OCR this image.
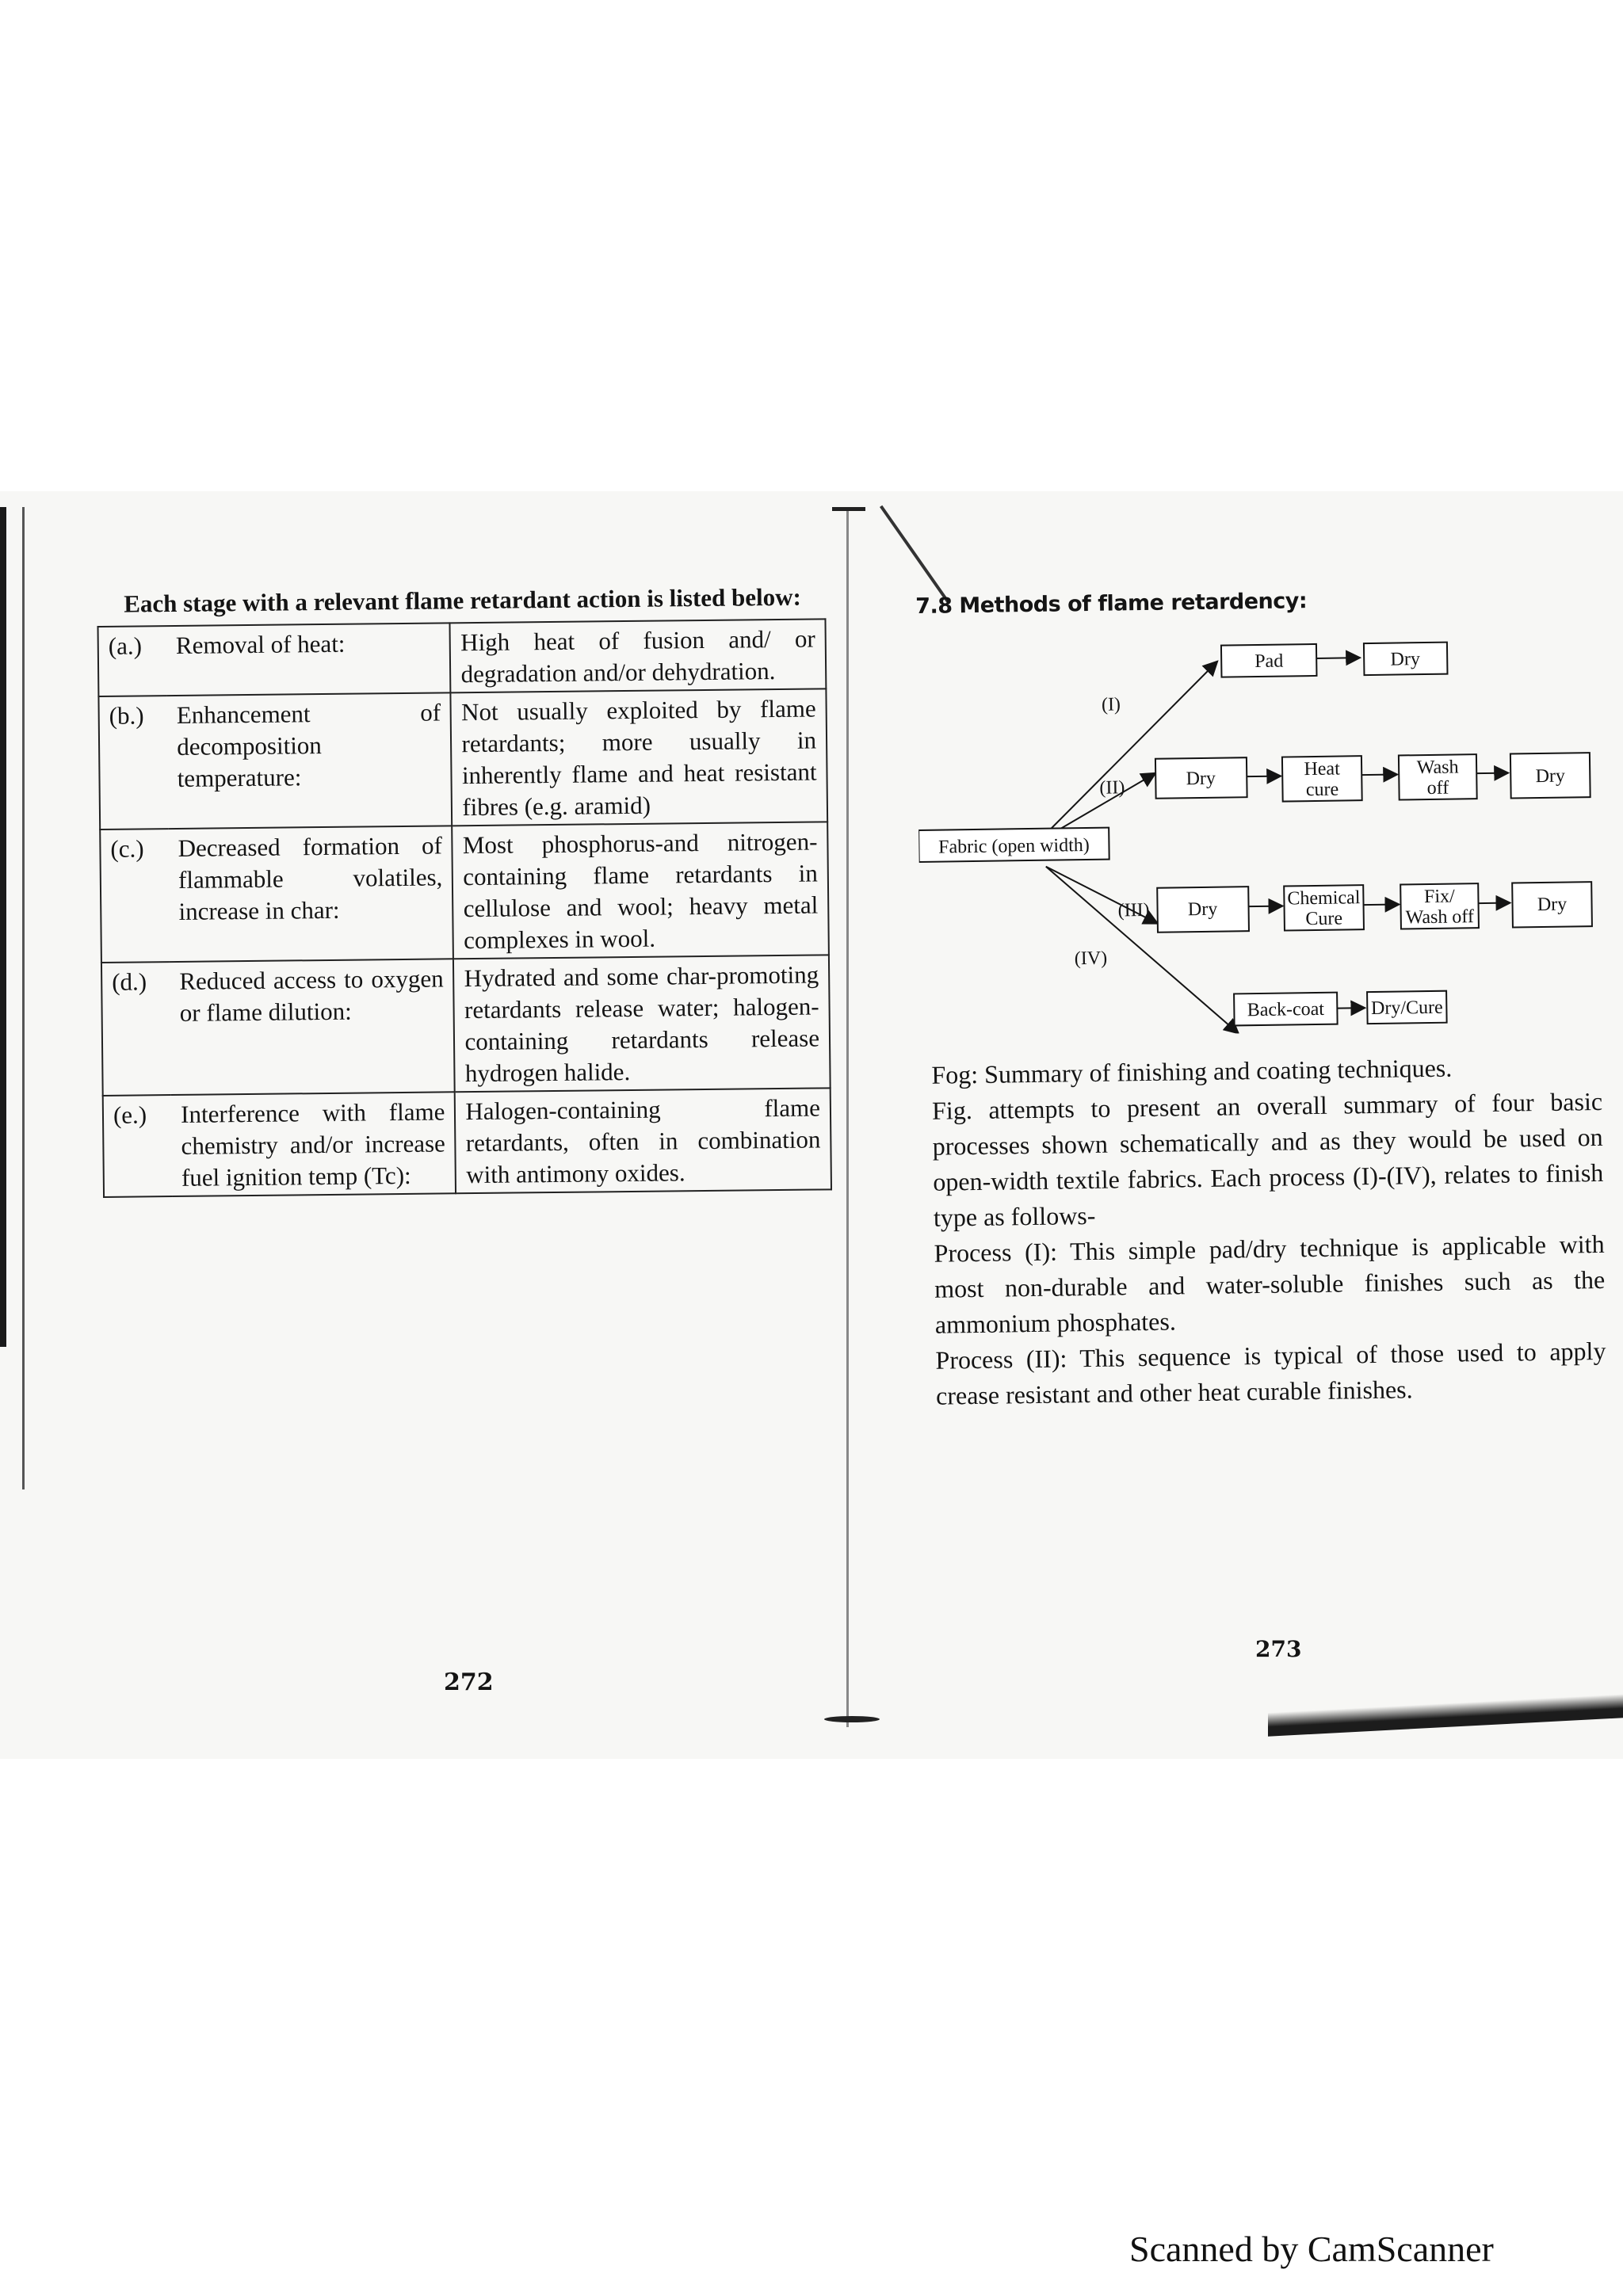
Each stage with a relevant flame retardant action is listed below:

(a.)	Removal of heat:	High heat of fusion and/ or degradation and/or dehydration.
(b.)	Enhancement of decomposition temperature:	Not usually exploited by flame retardants; more usually in inherently flame and heat resistant fibres (e.g. aramid)
(c.)	Decreased formation of flammable volatiles, increase in char:	Most phosphorus-and nitrogen-containing flame retardants in cellulose and wool; heavy metal complexes in wool.
(d.)	Reduced access to oxygen or flame dilution:	Hydrated and some char-promoting retardants release water; halogen-containing retardants release hydrogen halide.
(e.)	Interference with flame chemistry and/or increase fuel ignition temp (Tc):	Halogen-containing flame retardants, often in combination with antimony oxides.
272

7.8 Methods of flame retardency:

Fabric (open width)
Pad	Dry
Dry	Heat
cure
Wash
off
Dry
Dry
Chemical
Cure
Fix/
Wash off
Dry
Back-coat Dry/Cure
(I)
(II)
(III)
(IV)

Fog: Summary of finishing and coating techniques.

Fig. attempts to present an overall summary of four basic processes shown schematically and as they would be used on open-width textile fabrics. Each process (I)-(IV), relates to finish type as follows-

Process (I): This simple pad/dry technique is applicable with most non-durable and water-soluble finishes such as the ammonium phosphates.

Process (II): This sequence is typical of those used to apply crease resistant and other heat curable finishes.

273
Scanned by CamScanner
